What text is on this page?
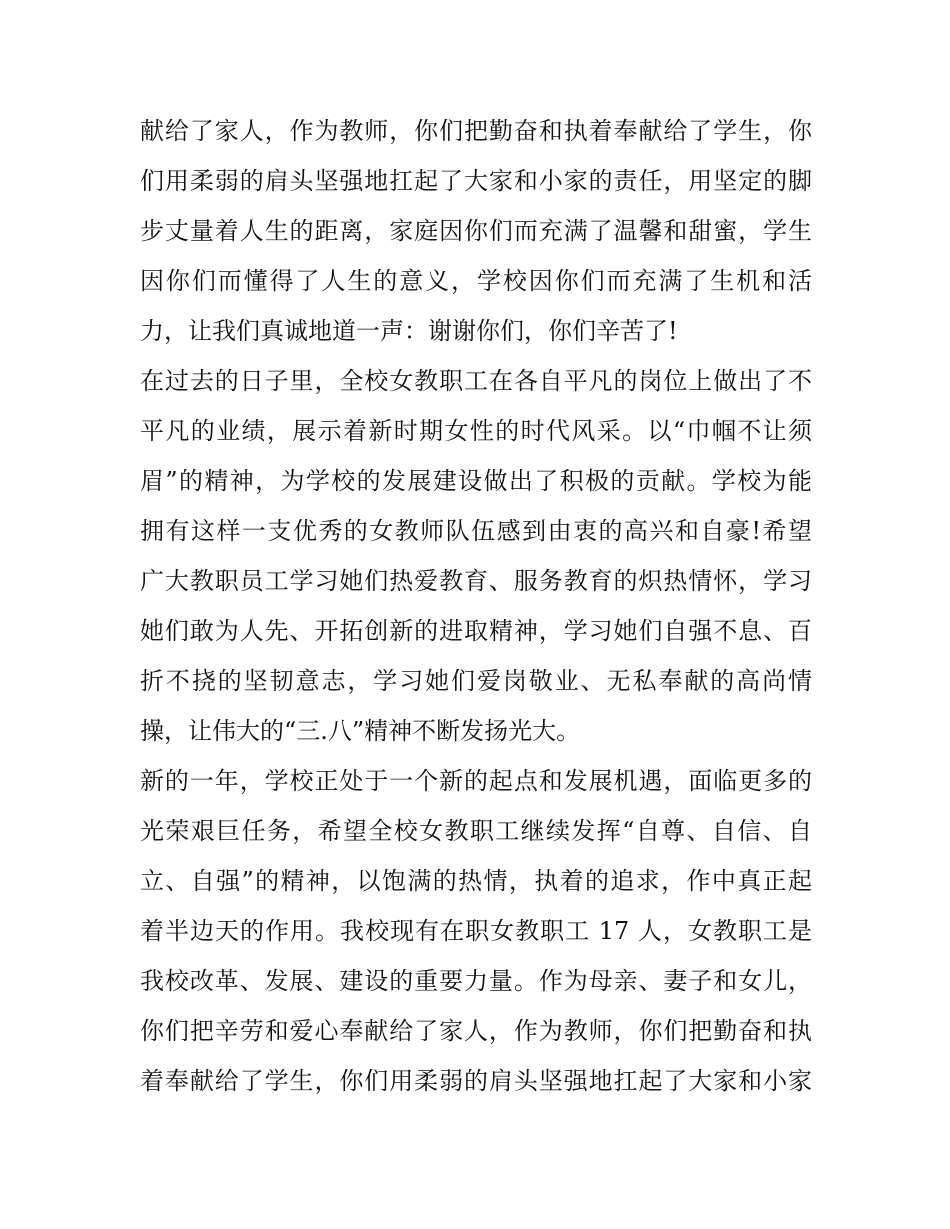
献给了家人，作为教师，你们把勤奋和执着奉献给了学生，你
们用柔弱的肩头坚强地扛起了大家和小家的责任，用坚定的脚
步丈量着人生的距离，家庭因你们而充满了温馨和甜蜜，学生
因你们而懂得了人生的意义，学校因你们而充满了生机和活
力，让我们真诚地道一声：谢谢你们，你们辛苦了!
在过去的日子里，全校女教职工在各自平凡的岗位上做出了不
平凡的业绩，展示着新时期女性的时代风采。以“巾帼不让须
眉”的精神，为学校的发展建设做出了积极的贡献。学校为能
拥有这样一支优秀的女教师队伍感到由衷的高兴和自豪!希望
广大教职员工学习她们热爱教育、服务教育的炽热情怀，学习
她们敢为人先、开拓创新的进取精神，学习她们自强不息、百
折不挠的坚韧意志，学习她们爱岗敬业、无私奉献的高尚情
操，让伟大的“三.八”精神不断发扬光大。
新的一年，学校正处于一个新的起点和发展机遇，面临更多的
光荣艰巨任务，希望全校女教职工继续发挥“自尊、自信、自
立、自强”的精神，以饱满的热情，执着的追求，作中真正起
着半边天的作用。我校现有在职女教职工 17 人，女教职工是
我校改革、发展、建设的重要力量。作为母亲、妻子和女儿，
你们把辛劳和爱心奉献给了家人，作为教师，你们把勤奋和执
着奉献给了学生，你们用柔弱的肩头坚强地扛起了大家和小家
